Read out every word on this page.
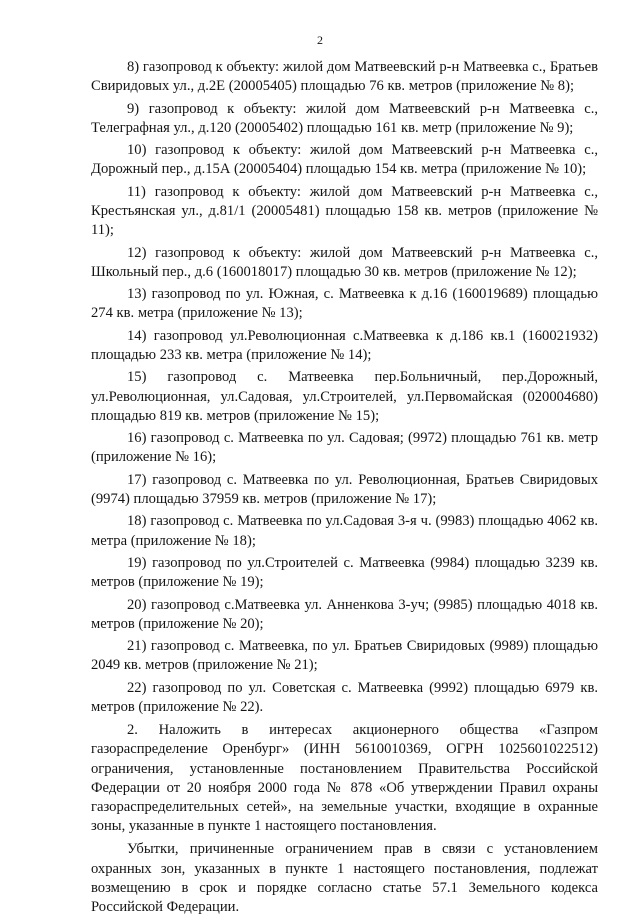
2

8) газопровод к объекту: жилой дом Матвеевский р-н Матвеевка с., Братьев Свиридовых ул., д.2Е (20005405) площадью 76 кв. метров (приложение № 8);

9) газопровод к объекту: жилой дом Матвеевский р-н Матвеевка с., Телеграфная ул., д.120 (20005402) площадью 161 кв. метр (приложение № 9);

10) газопровод к объекту: жилой дом Матвеевский р-н Матвеевка с., Дорожный пер., д.15А (20005404) площадью 154 кв. метра (приложение № 10);

11) газопровод к объекту: жилой дом Матвеевский р-н Матвеевка с., Крестьянская ул., д.81/1 (20005481) площадью 158 кв. метров (приложение № 11);

12) газопровод к объекту: жилой дом Матвеевский р-н Матвеевка с., Школьный пер., д.6 (160018017) площадью 30 кв. метров (приложение № 12);

13) газопровод по ул. Южная, с. Матвеевка к д.16 (160019689) площадью 274 кв. метра (приложение № 13);

14) газопровод ул.Революционная с.Матвеевка к д.186 кв.1 (160021932) площадью 233 кв. метра (приложение № 14);

15) газопровод с. Матвеевка пер.Больничный, пер.Дорожный, ул.Революционная, ул.Садовая, ул.Строителей, ул.Первомайская (020004680) площадью 819 кв. метров (приложение № 15);

16) газопровод с. Матвеевка по ул. Садовая; (9972) площадью 761 кв. метр (приложение № 16);

17) газопровод с. Матвеевка по ул. Революционная, Братьев Свиридовых (9974) площадью 37959 кв. метров (приложение № 17);

18) газопровод с. Матвеевка по ул.Садовая 3-я ч. (9983) площадью 4062 кв. метра (приложение № 18);

19) газопровод по ул.Строителей с. Матвеевка (9984) площадью 3239 кв. метров (приложение № 19);

20) газопровод с.Матвеевка ул. Анненкова 3-уч; (9985) площадью 4018 кв. метров (приложение № 20);

21) газопровод с. Матвеевка, по ул. Братьев Свиридовых (9989) площадью 2049 кв. метров (приложение № 21);

22) газопровод по ул. Советская с. Матвеевка (9992) площадью 6979 кв. метров (приложение № 22).

2. Наложить в интересах акционерного общества «Газпром газораспределение Оренбург» (ИНН 5610010369, ОГРН 1025601022512) ограничения, установленные постановлением Правительства Российской Федерации от 20 ноября 2000 года № 878 «Об утверждении Правил охраны газораспределительных сетей», на земельные участки, входящие в охранные зоны, указанные в пункте 1 настоящего постановления.

Убытки, причиненные ограничением прав в связи с установлением охранных зон, указанных в пункте 1 настоящего постановления, подлежат возмещению в срок и порядке согласно статье 57.1 Земельного кодекса Российской Федерации.
